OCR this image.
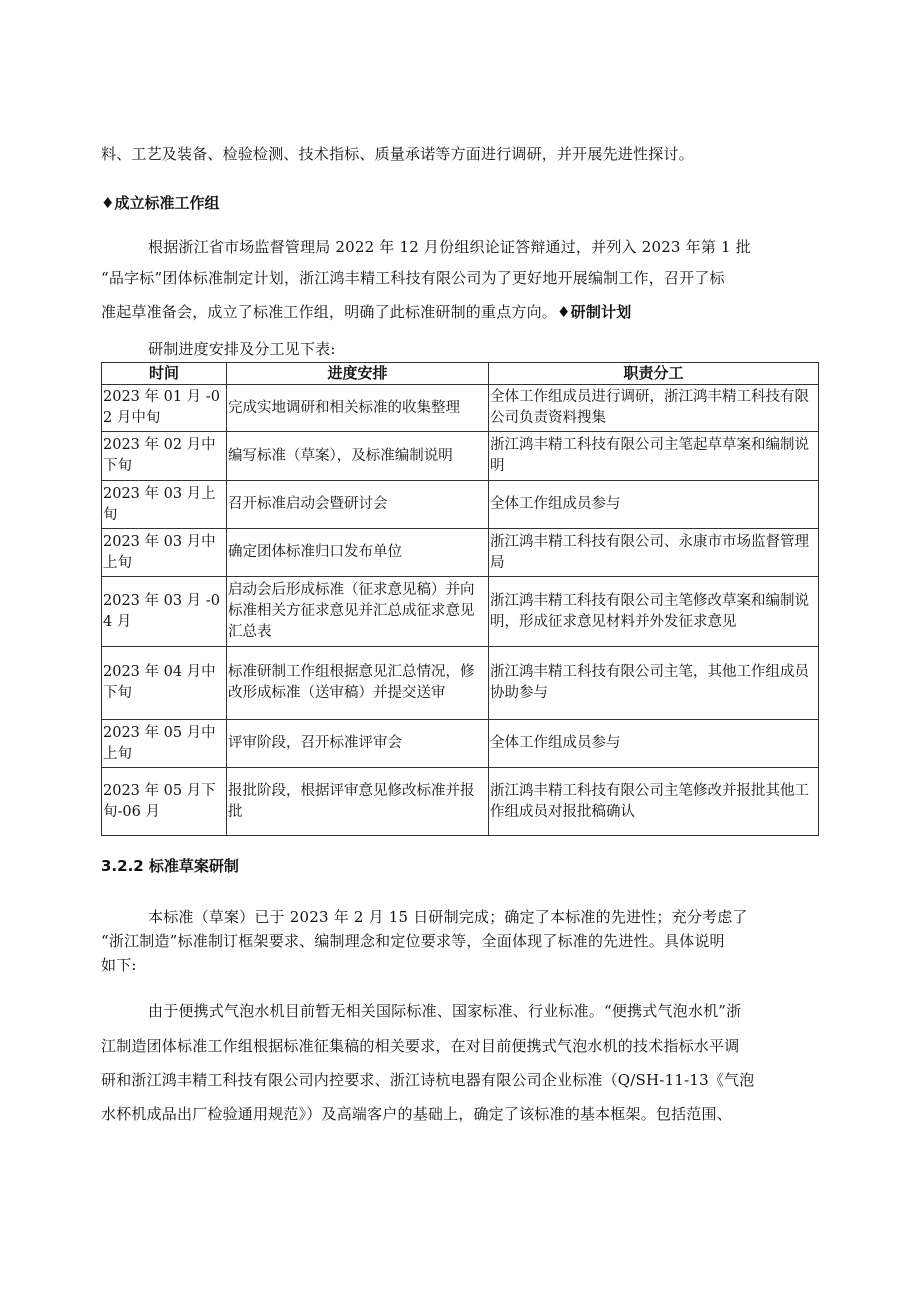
料、工艺及装备、检验检测、技术指标、质量承诺等方面进行调研，并开展先进性探讨。
♦成立标准工作组
根据浙江省市场监督管理局 2022 年 12 月份组织论证答辩通过，并列入 2023 年第 1 批
“品字标”团体标准制定计划，浙江鸿丰精工科技有限公司为了更好地开展编制工作，召开了标
准起草准备会，成立了标准工作组，明确了此标准研制的重点方向。♦研制计划
研制进度安排及分工见下表:
时间	进度安排	职责分工
2023 年 01 月 -02 月中旬	完成实地调研和相关标准的收集整理	全体工作组成员进行调研，浙江鸿丰精工科技有限公司负责资料搜集
2023 年 02 月中下旬	编写标准（草案），及标准编制说明	浙江鸿丰精工科技有限公司主笔起草草案和编制说明
2023 年 03 月上旬	召开标准启动会暨研讨会	全体工作组成员参与
2023 年 03 月中上旬	确定团体标准归口发布单位	浙江鸿丰精工科技有限公司、永康市市场监督管理局
2023 年 03 月 -04 月	启动会后形成标准（征求意见稿）并向标准相关方征求意见并汇总成征求意见汇总表	浙江鸿丰精工科技有限公司主笔修改草案和编制说明，形成征求意见材料并外发征求意见
2023 年 04 月中下旬	标准研制工作组根据意见汇总情况，修改形成标准（送审稿）并提交送审	浙江鸿丰精工科技有限公司主笔，其他工作组成员协助参与
2023 年 05 月中上旬	评审阶段，召开标准评审会	全体工作组成员参与
2023 年 05 月下旬-06 月	报批阶段，根据评审意见修改标准并报批	浙江鸿丰精工科技有限公司主笔修改并报批其他工作组成员对报批稿确认
3.2.2 标准草案研制
本标准（草案）已于 2023 年 2 月 15 日研制完成；确定了本标准的先进性；充分考虑了
“浙江制造”标准制订框架要求、编制理念和定位要求等，全面体现了标准的先进性。具体说明
如下:
由于便携式气泡水机目前暂无相关国际标准、国家标准、行业标准。“便携式气泡水机”浙
江制造团体标准工作组根据标准征集稿的相关要求，在对目前便携式气泡水机的技术指标水平调
研和浙江鸿丰精工科技有限公司内控要求、浙江诗杭电器有限公司企业标准（Q/SH-11-13《气泡
水杯机成品出厂检验通用规范》）及高端客户的基础上，确定了该标准的基本框架。包括范围、
